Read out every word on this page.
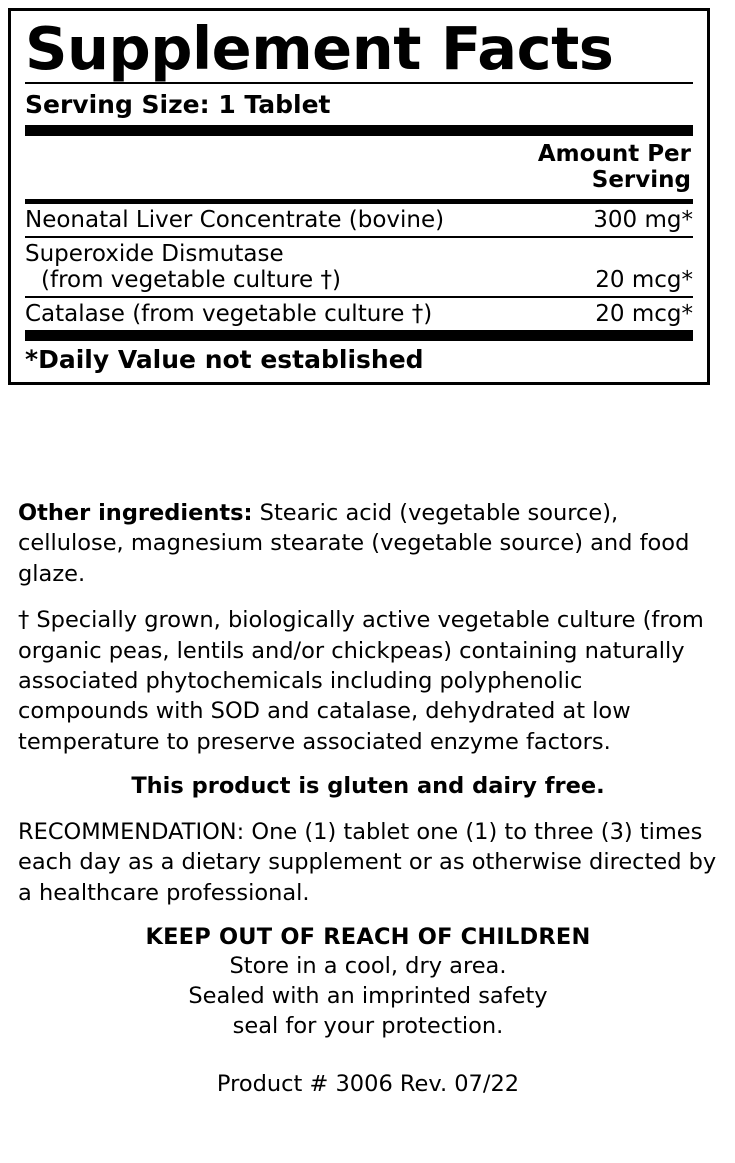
Supplement Facts
Serving Size: 1 Tablet
Amount Per
Serving
Neonatal Liver Concentrate (bovine)	300 mg*
Superoxide Dismutase
(from vegetable culture †)	20 mcg*
Catalase (from vegetable culture †)	20 mcg*
*Daily Value not established

Other ingredients: Stearic acid (vegetable source), cellulose, magnesium stearate (vegetable source) and food glaze.

† Specially grown, biologically active vegetable culture (from organic peas, lentils and/or chickpeas) containing naturally associated phytochemicals including polyphenolic compounds with SOD and catalase, dehydrated at low temperature to preserve associated enzyme factors.

This product is gluten and dairy free.

RECOMMENDATION: One (1) tablet one (1) to three (3) times each day as a dietary supplement or as otherwise directed by a healthcare professional.

KEEP OUT OF REACH OF CHILDREN

Store in a cool, dry area.

Sealed with an imprinted safety

seal for your protection.

Product # 3006 Rev. 07/22
